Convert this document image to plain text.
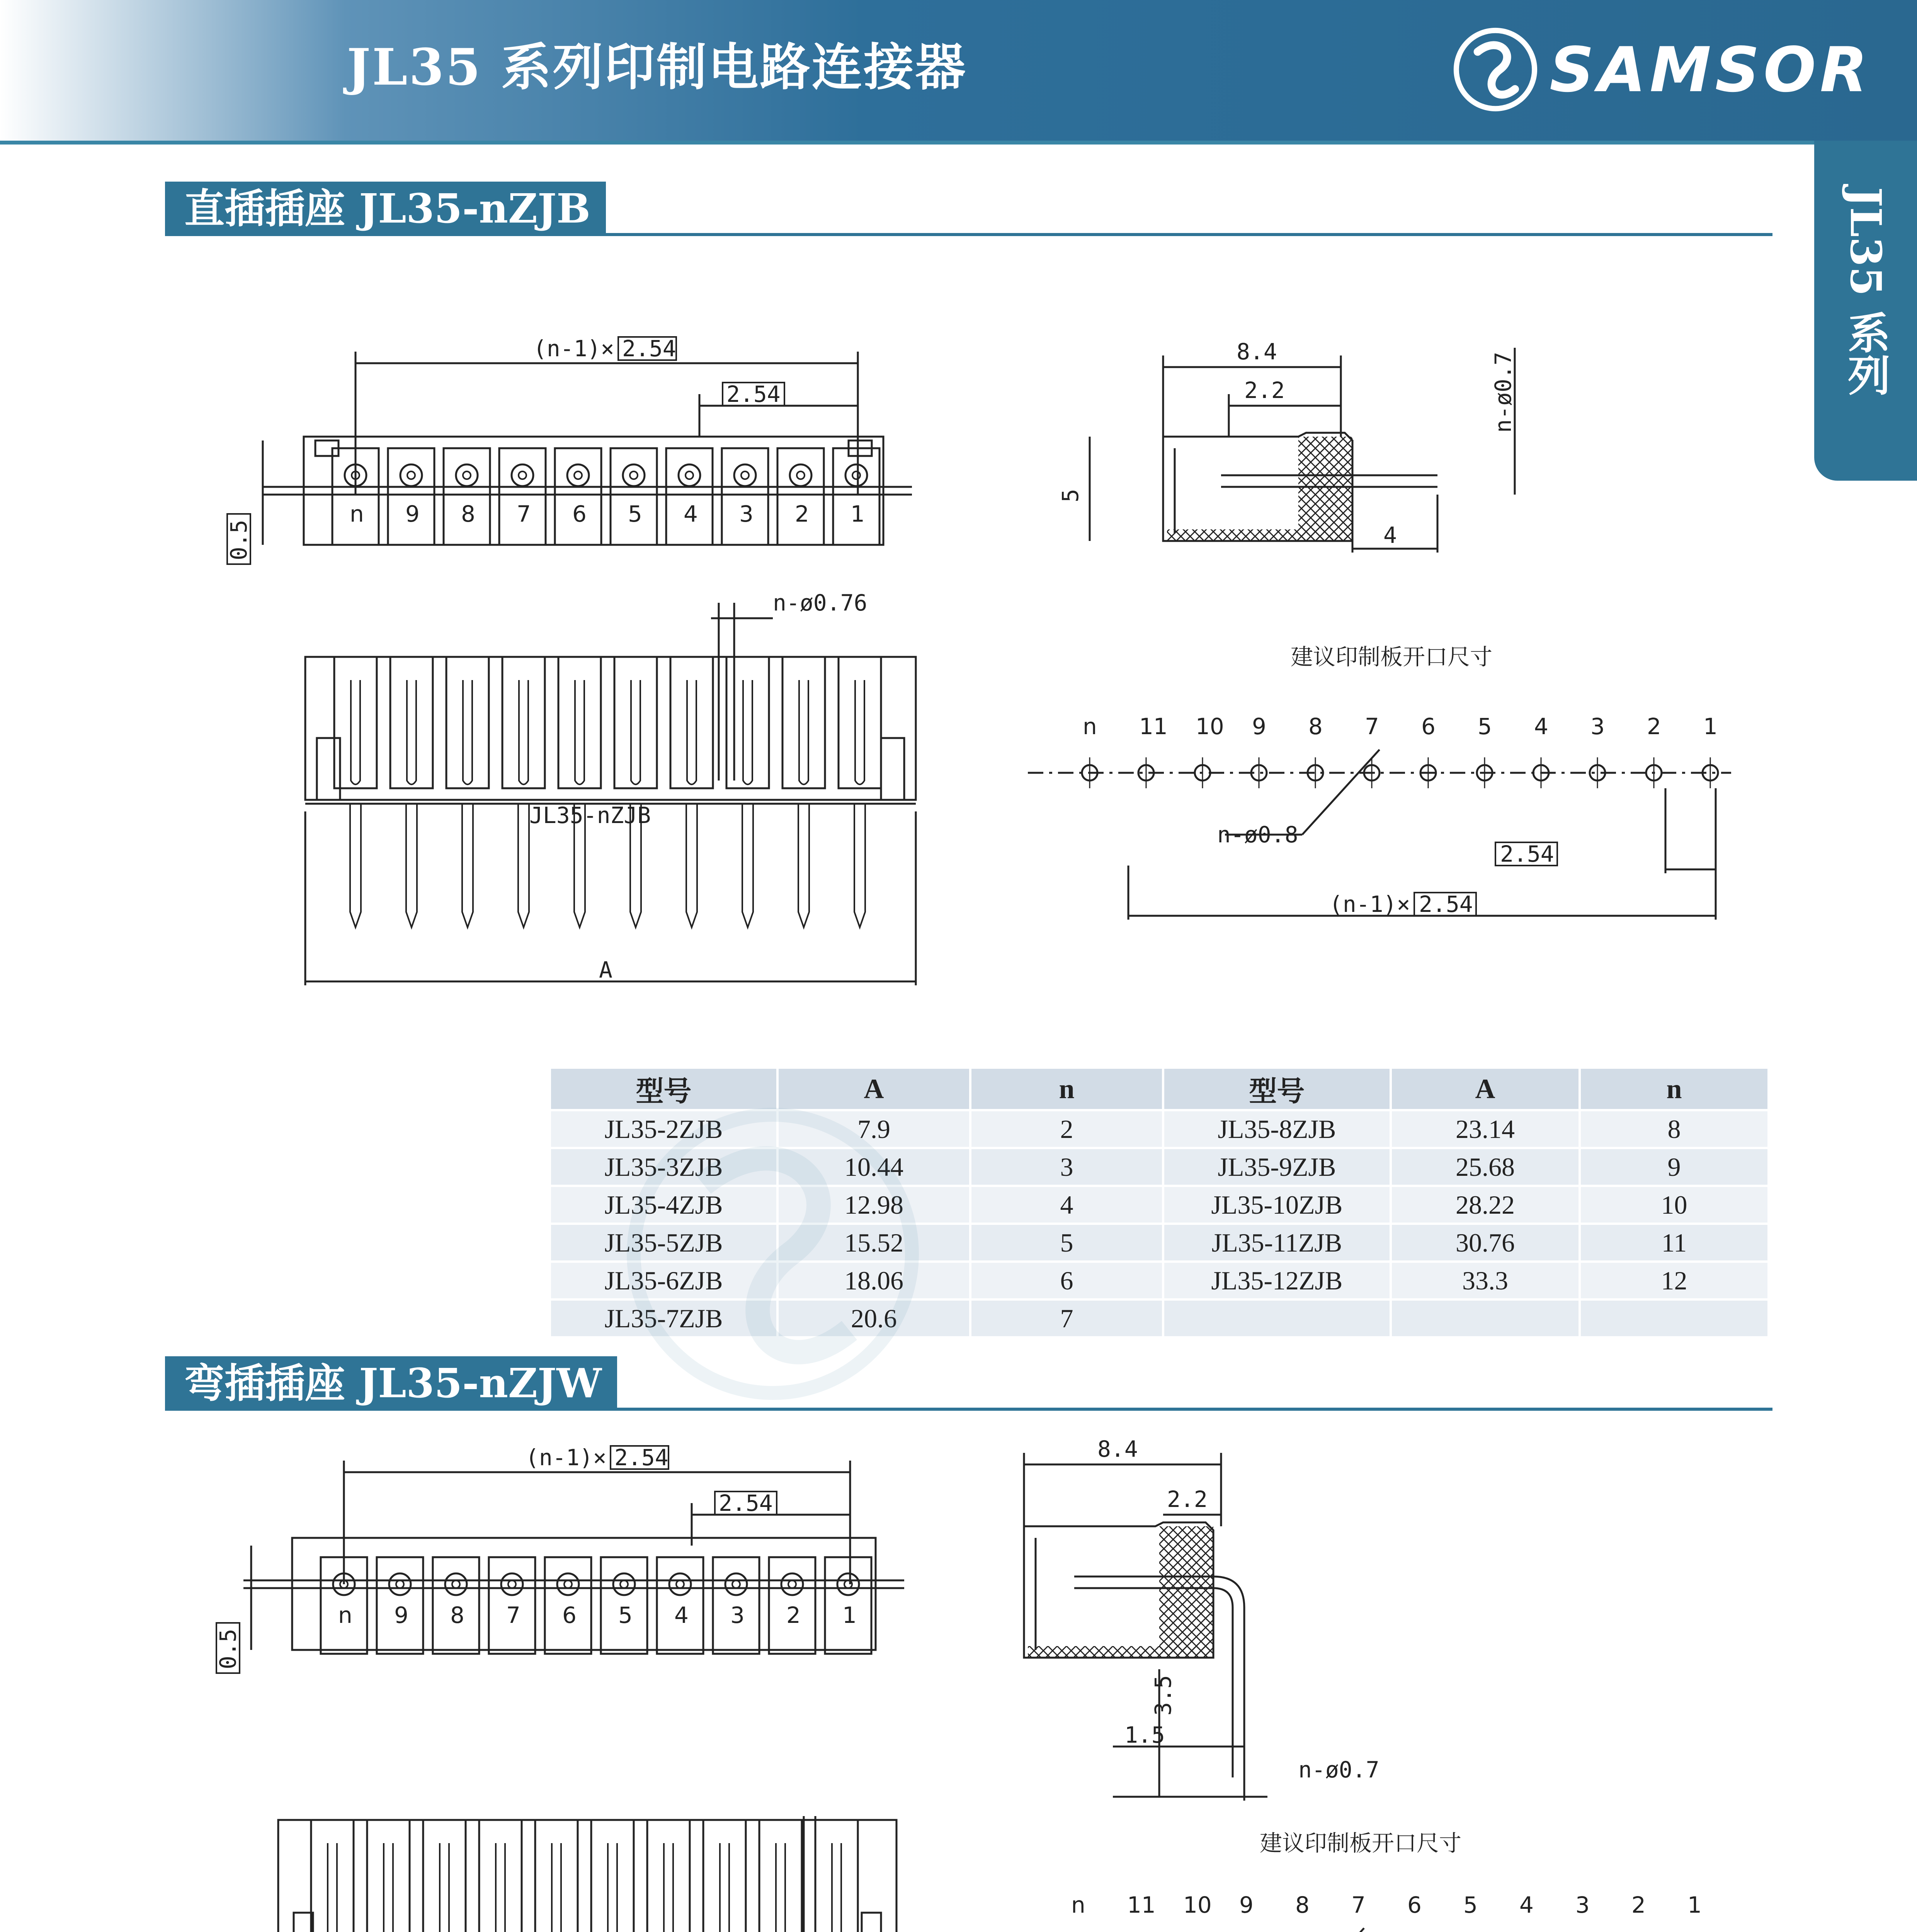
JL35 系列印制电路连接器	SAMSOR
JL35 系列
直插插座 JL35-nZJB
n 9 8 7 6 5 4 3 2 1
(n-1)× 2.54
2.54
0.5
8.4
2.2
5
4
n-ø0.7
n-ø0.76
JL35-nZJB
A
建议印制板开口尺寸
n 11 10 9 8 7 6 5 4 3 2 1
n-ø0.8
2.54
(n-1)× 2.54
型号	A	n	型号	A	n
JL35-2ZJB	7.9	2	JL35-8ZJB	23.14	8
JL35-3ZJB	10.44	3	JL35-9ZJB	25.68	9
JL35-4ZJB	12.98	4	JL35-10ZJB	28.22	10
JL35-5ZJB	15.52	5	JL35-11ZJB	30.76	11
JL35-6ZJB	18.06	6	JL35-12ZJB	33.3	12
JL35-7ZJB	20.6	7			
弯插插座 JL35-nZJW
n 9 8 7 6 5 4 3 2 1
(n-1)× 2.54
2.54
0.5
8.4
2.2
3.5
1.5
n-ø0.7
建议印制板开口尺寸
n 11 10 9 8 7 6 5 4 3 2 1
